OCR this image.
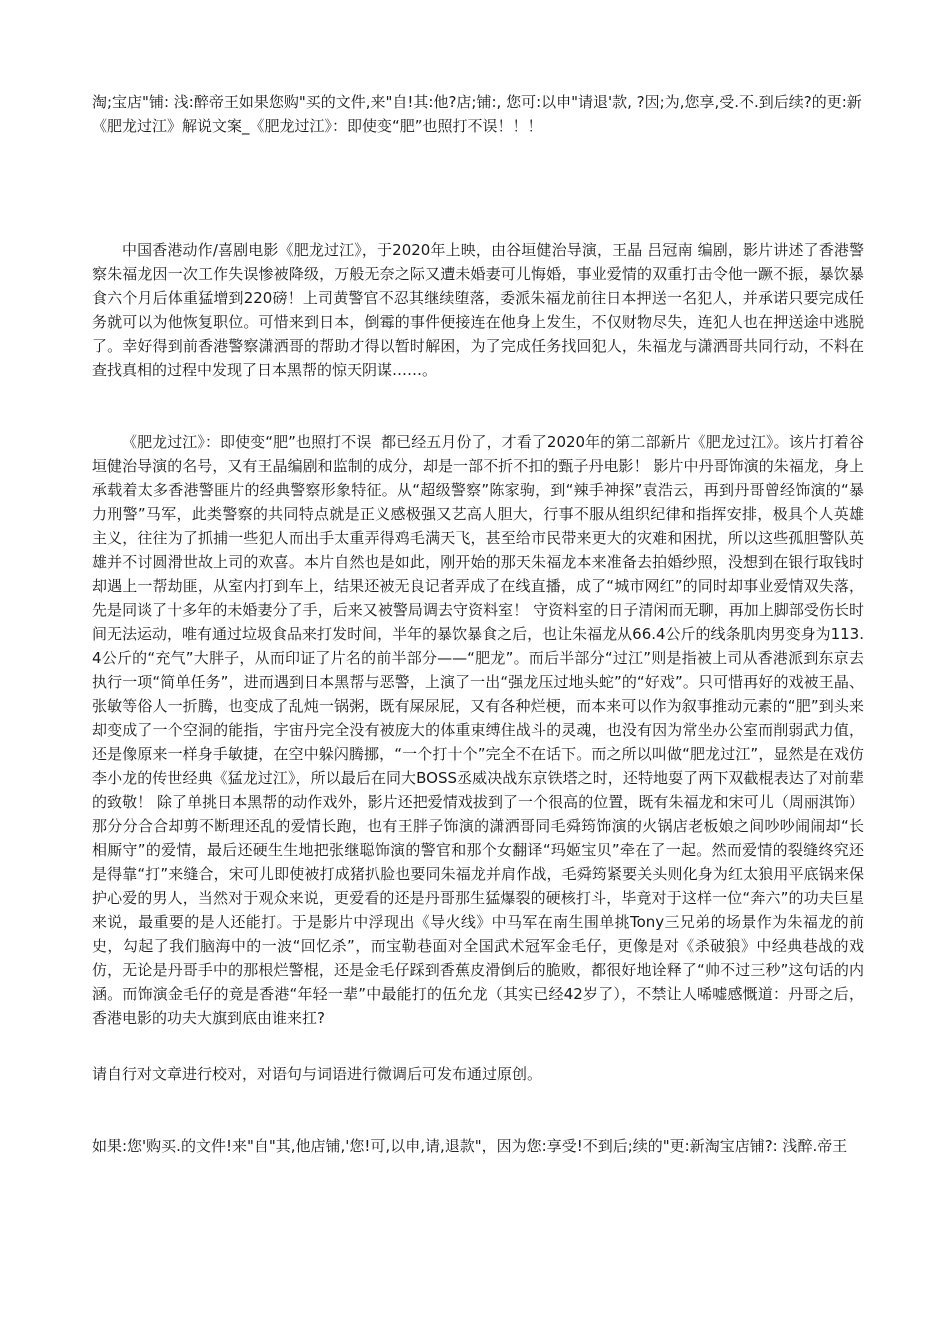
淘;宝店"铺: 浅:醉帝王如果您购"买的文件,来"自!其:他?店;铺:, 您可:以申"请退'款, ?因;为,您享,受.不.到后续?的更:新《肥龙过江》解说文案_《肥龙过江》：即使变“肥”也照打不误！！！

中国香港动作/喜剧电影《肥龙过江》，于2020年上映，由谷垣健治导演，王晶 吕冠南 编剧，影片讲述了香港警察朱福龙因一次工作失误惨被降级，万般无奈之际又遭未婚妻可儿悔婚，事业爱情的双重打击令他一蹶不振，暴饮暴食六个月后体重猛增到220磅！上司黄警官不忍其继续堕落，委派朱福龙前往日本押送一名犯人，并承诺只要完成任务就可以为他恢复职位。可惜来到日本，倒霉的事件便接连在他身上发生，不仅财物尽失，连犯人也在押送途中逃脱了。幸好得到前香港警察潇洒哥的帮助才得以暂时解困，为了完成任务找回犯人，朱福龙与潇洒哥共同行动，不料在查找真相的过程中发现了日本黑帮的惊天阴谋……。

《肥龙过江》：即使变“肥”也照打不误  都已经五月份了，才看了2020年的第二部新片《肥龙过江》。该片打着谷垣健治导演的名号，又有王晶编剧和监制的成分，却是一部不折不扣的甄子丹电影！ 影片中丹哥饰演的朱福龙，身上承载着太多香港警匪片的经典警察形象特征。从“超级警察”陈家驹，到“辣手神探”袁浩云，再到丹哥曾经饰演的“暴力刑警”马军，此类警察的共同特点就是正义感极强又艺高人胆大，行事不服从组织纪律和指挥安排，极具个人英雄主义，往往为了抓捕一些犯人而出手太重弄得鸡毛满天飞，甚至给市民带来更大的灾难和困扰，所以这些孤胆警队英雄并不讨圆滑世故上司的欢喜。本片自然也是如此，刚开始的那天朱福龙本来准备去拍婚纱照，没想到在银行取钱时却遇上一帮劫匪，从室内打到车上，结果还被无良记者弄成了在线直播，成了“城市网红”的同时却事业爱情双失落，先是同谈了十多年的未婚妻分了手，后来又被警局调去守资料室！ 守资料室的日子清闲而无聊，再加上脚部受伤长时间无法运动，唯有通过垃圾食品来打发时间，半年的暴饮暴食之后，也让朱福龙从66.4公斤的线条肌肉男变身为113.4公斤的“充气”大胖子，从而印证了片名的前半部分——“肥龙”。而后半部分“过江”则是指被上司从香港派到东京去执行一项“简单任务”，进而遇到日本黑帮与恶警，上演了一出“强龙压过地头蛇”的“好戏”。只可惜再好的戏被王晶、张敏等俗人一折腾，也变成了乱炖一锅粥，既有屎尿屁，又有各种烂梗，而本来可以作为叙事推动元素的“肥”到头来却变成了一个空洞的能指，宇宙丹完全没有被庞大的体重束缚住战斗的灵魂，也没有因为常坐办公室而削弱武力值，还是像原来一样身手敏捷，在空中躲闪腾挪，“一个打十个”完全不在话下。而之所以叫做“肥龙过江”，显然是在戏仿李小龙的传世经典《猛龙过江》，所以最后在同大BOSS丞威决战东京铁塔之时，还特地耍了两下双截棍表达了对前辈的致敬！ 除了单挑日本黑帮的动作戏外，影片还把爱情戏拔到了一个很高的位置，既有朱福龙和宋可儿（周丽淇饰）那分分合合却剪不断理还乱的爱情长跑，也有王胖子饰演的潇洒哥同毛舜筠饰演的火锅店老板娘之间吵吵闹闹却“长相厮守”的爱情，最后还硬生生地把张继聪饰演的警官和那个女翻译“玛姬宝贝”牵在了一起。然而爱情的裂缝终究还是得靠“打”来缝合，宋可儿即使被打成猪扒脸也要同朱福龙并肩作战，毛舜筠紧要关头则化身为红太狼用平底锅来保护心爱的男人，当然对于观众来说，更爱看的还是丹哥那生猛爆裂的硬核打斗，毕竟对于这样一位“奔六”的功夫巨星来说，最重要的是人还能打。于是影片中浮现出《导火线》中马军在南生围单挑Tony三兄弟的场景作为朱福龙的前史，勾起了我们脑海中的一波“回忆杀”，而宝勒巷面对全国武术冠军金毛仔，更像是对《杀破狼》中经典巷战的戏仿，无论是丹哥手中的那根烂警棍，还是金毛仔踩到香蕉皮滑倒后的脆败，都很好地诠释了“帅不过三秒”这句话的内涵。而饰演金毛仔的竟是香港“年轻一辈”中最能打的伍允龙（其实已经42岁了），不禁让人唏嘘感慨道：丹哥之后，香港电影的功夫大旗到底由谁来扛?

请自行对文章进行校对，对语句与词语进行微调后可发布通过原创。

如果:您'购买.的文件!来"自"其,他店铺,'您!可,以申,请,退款"，因为您:享受!不到后;续的"更:新淘宝店铺?: 浅醉.帝王
